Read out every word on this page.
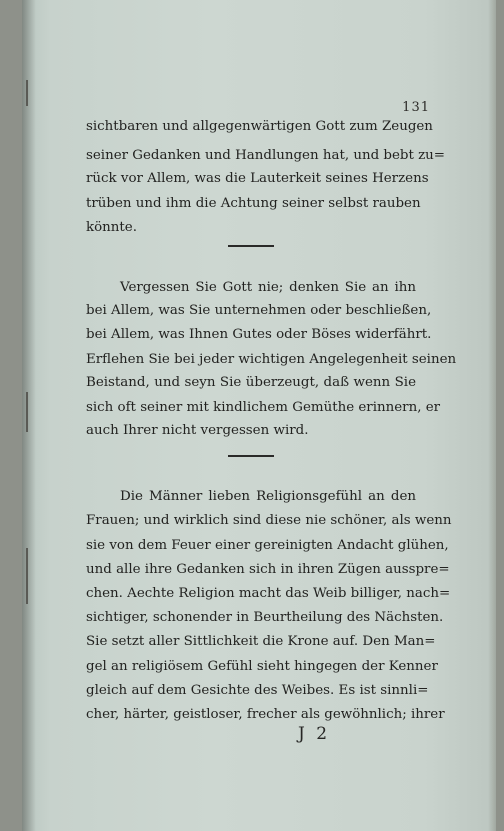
131
sichtbaren und allgegenwärtigen Gott zum Zeugen
seiner Gedanken und Handlungen hat, und bebt zu=
rück vor Allem, was die Lauterkeit seines Herzens
trüben und ihm die Achtung seiner selbst rauben
könnte.
Vergessen Sie Gott nie; denken Sie an ihn
bei Allem, was Sie unternehmen oder beschließen,
bei Allem, was Ihnen Gutes oder Böses widerfährt.
Erflehen Sie bei jeder wichtigen Angelegenheit seinen
Beistand, und seyn Sie überzeugt, daß wenn Sie
sich oft seiner mit kindlichem Gemüthe erinnern, er
auch Ihrer nicht vergessen wird.
Die Männer lieben Religionsgefühl an den
Frauen; und wirklich sind diese nie schöner, als wenn
sie von dem Feuer einer gereinigten Andacht glühen,
und alle ihre Gedanken sich in ihren Zügen ausspre=
chen. Aechte Religion macht das Weib billiger, nach=
sichtiger, schonender in Beurtheilung des Nächsten.
Sie setzt aller Sittlichkeit die Krone auf. Den Man=
gel an religiösem Gefühl sieht hingegen der Kenner
gleich auf dem Gesichte des Weibes. Es ist sinnli=
cher, härter, geistloser, frecher als gewöhnlich; ihrer
J 2
